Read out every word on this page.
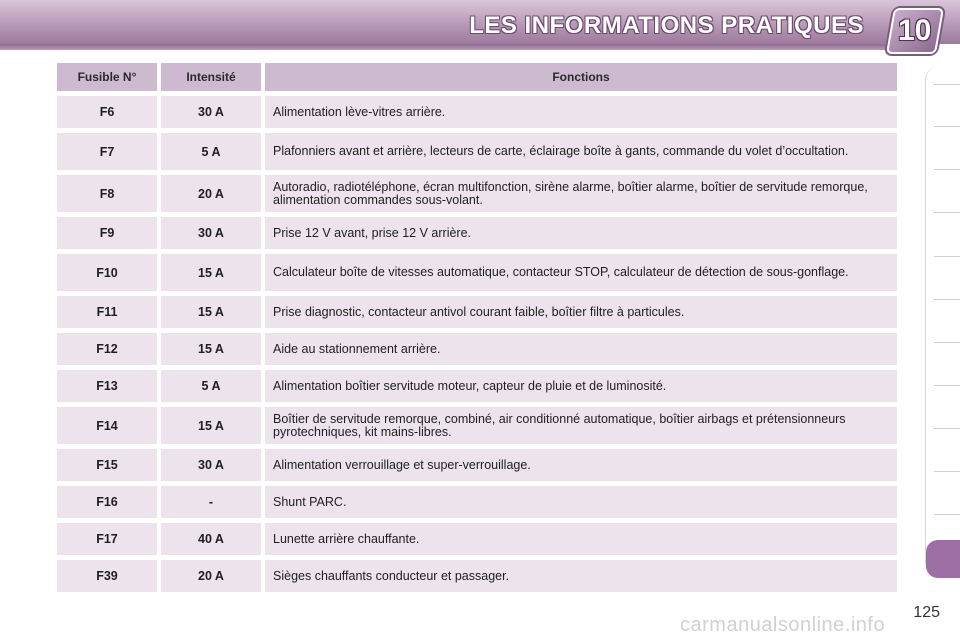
LES INFORMATIONS PRATIQUES 10
Fusible N°	Intensité	Fonctions
F6	30 A	Alimentation lève-vitres arrière.
F7	5 A	Plafonniers avant et arrière, lecteurs de carte, éclairage boîte à gants, commande du volet d’occultation.
F8	20 A	Autoradio, radiotéléphone, écran multifonction, sirène alarme, boîtier alarme, boîtier de servitude remorque, alimentation commandes sous-volant.
F9	30 A	Prise 12 V avant, prise 12 V arrière.
F10	15 A	Calculateur boîte de vitesses automatique, contacteur STOP, calculateur de détection de sous-gonflage.
F11	15 A	Prise diagnostic, contacteur antivol courant faible, boîtier filtre à particules.
F12	15 A	Aide au stationnement arrière.
F13	5 A	Alimentation boîtier servitude moteur, capteur de pluie et de luminosité.
F14	15 A	Boîtier de servitude remorque, combiné, air conditionné automatique, boîtier airbags et prétensionneurs pyrotechniques, kit mains-libres.
F15	30 A	Alimentation verrouillage et super-verrouillage.
F16	-	Shunt PARC.
F17	40 A	Lunette arrière chauffante.
F39	20 A	Sièges chauffants conducteur et passager.
125
carmanualsonline.info
